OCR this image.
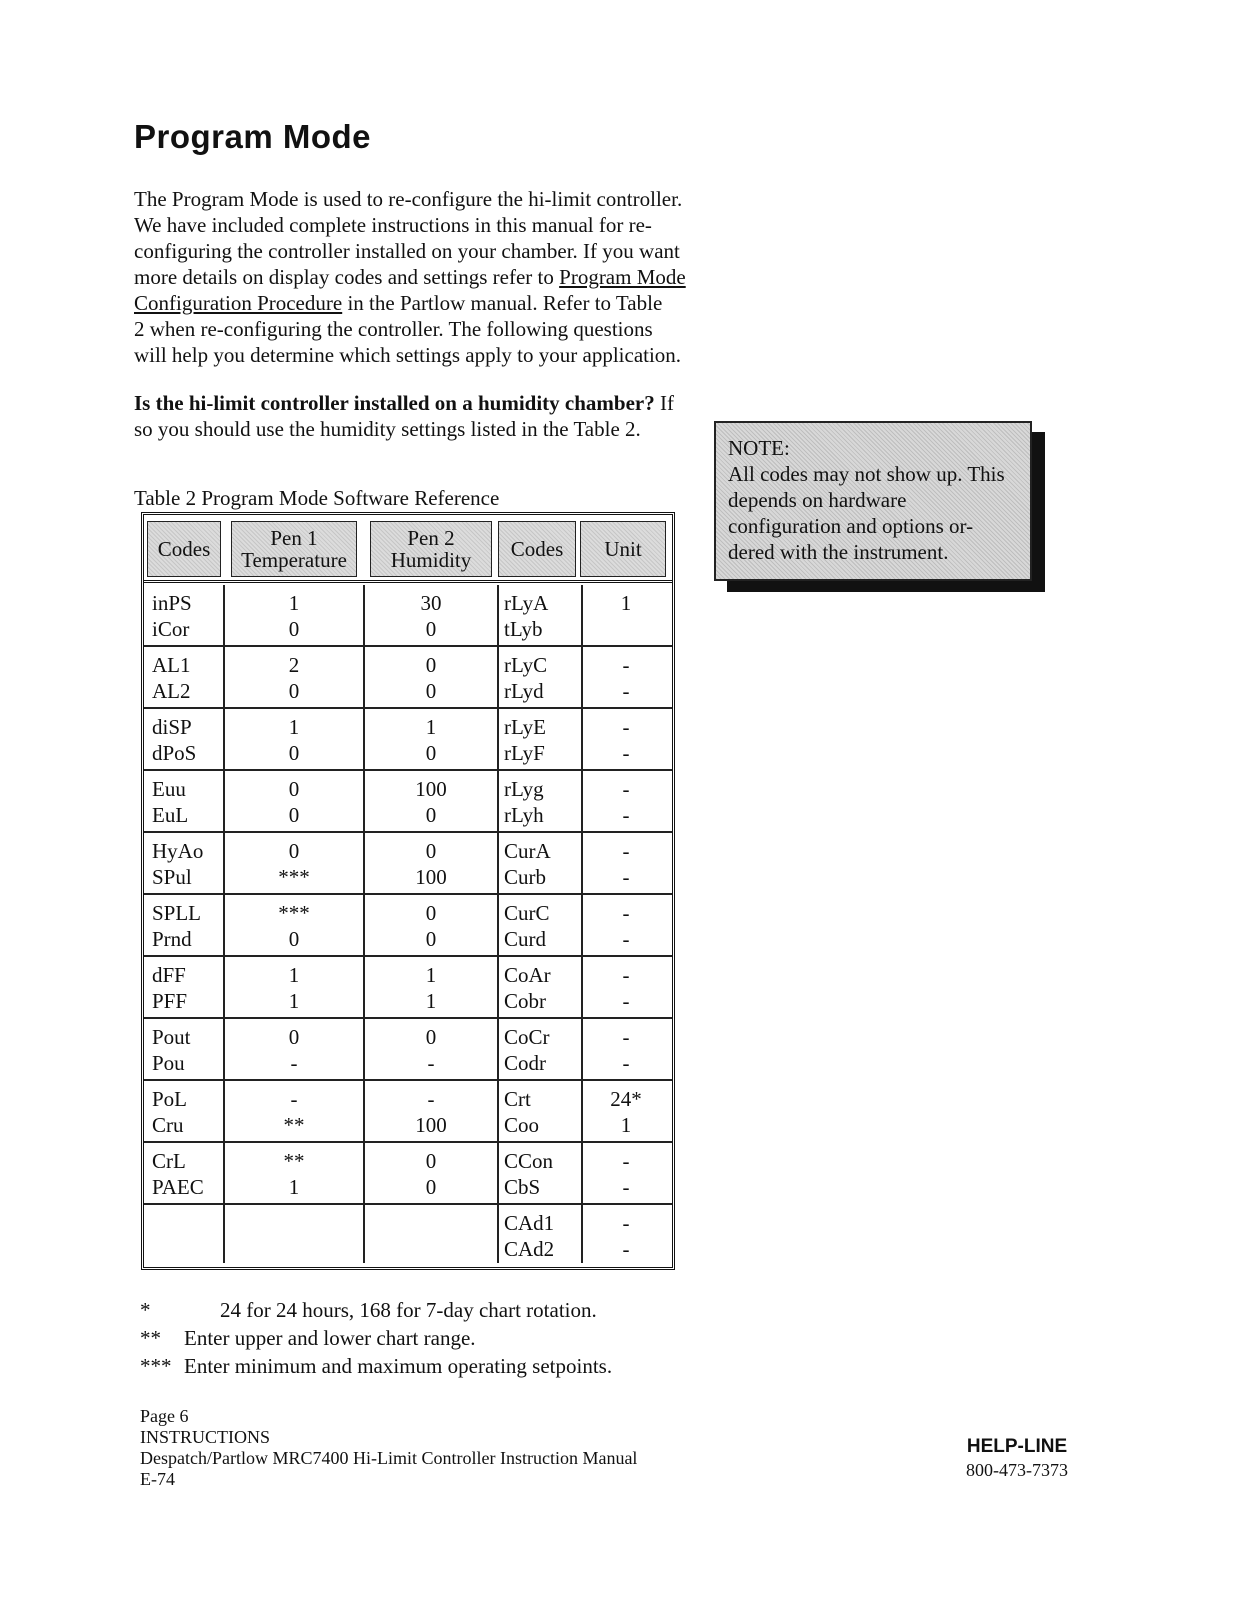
Program Mode
The Program Mode is used to re-configure the hi-limit controller.
We have included complete instructions in this manual for re-
configuring the controller installed on your chamber. If you want
more details on display codes and settings refer to Program Mode
Configuration Procedure in the Partlow manual. Refer to Table
2 when re-configuring the controller. The following questions
will help you determine which settings apply to your application.
Is the hi-limit controller installed on a humidity chamber? If
so you should use the humidity settings listed in the Table 2.
Table 2 Program Mode Software Reference
Codes	Pen 1
Temperature
Pen 2
Humidity Codes Unit
inPS
iCor
1
0
30
0
rLyA
tLyb
1

AL1
AL2
2
0
0
0
rLyC
rLyd
-
-
diSP
dPoS
1
0
1
0
rLyE
rLyF
-
-
Euu
EuL
0
0
100
0
rLyg
rLyh
-
-
HyAo
SPul
0
***
0
100
CurA
Curb
-
-
SPLL
Prnd
***
0
0
0
CurC
Curd
-
-
dFF
PFF
1
1
1
1
CoAr
Cobr
-
-
Pout
Pou
0
-
0
-
CoCr
Codr
-
-
PoL
Cru
-
**
-
100
Crt
Coo
24*
1
CrL
PAEC
**
1
0
0
CCon
CbS
-
-

CAd1
CAd2
-
-
*	24 for 24 hours, 168 for 7-day chart rotation.
** Enter upper and lower chart range.
*** Enter minimum and maximum operating setpoints.
NOTE:
All codes may not show up. This
depends on hardware
configuration and options or-
dered with the instrument.
Page 6
INSTRUCTIONS
Despatch/Partlow MRC7400 Hi-Limit Controller Instruction Manual
E-74
HELP-LINE
800-473-7373
